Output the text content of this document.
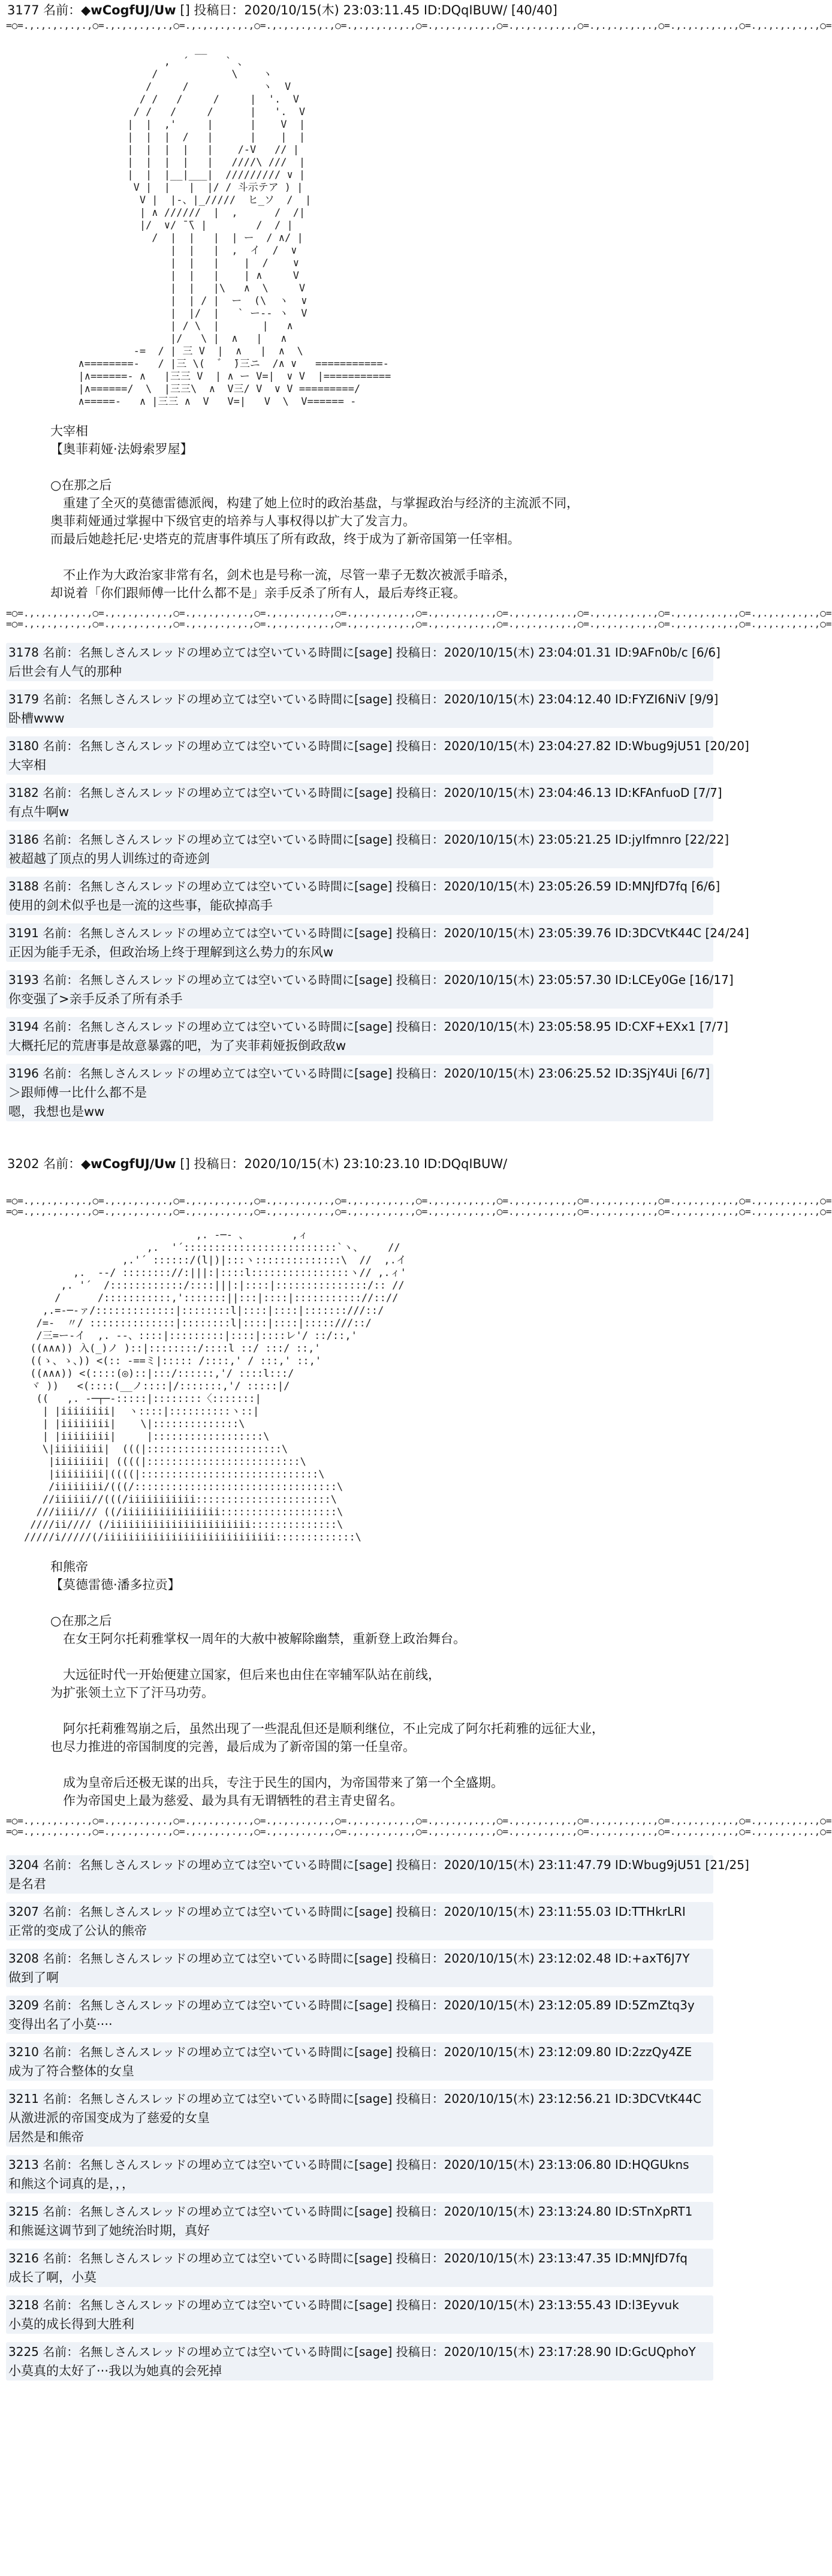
3177 名前：◆wCogfUJ/Uw [] 投稿日：2020/10/15(木) 23:03:11.45 ID:DQqIBUW/ [40/40]
=○=.,.,.,.,.,.,○=.,.,.,.,.,.,○=.,.,.,.,.,.,○=.,.,.,.,.,.,○=.,.,.,.,.,.,○=.,.,.,.,.,.,○=.,.,.,.,.,.,○=.,.,.,.,.,.,○=.,.,.,.,.,.,○=.,.,.,.,.,.,○=
__
,  ´      ` 、
/            \    ヽ
/     /            ヽ  V
/ /   /     /     |  '.  V
/ /   /     /      |   '.  V
|  |  ,'     |      |    V  |
|  |  |  /   |      |    |  |
|  |  |  |   |    /-V   // |
|  |  |  |   |   ////\ ///  |
|  |  |__|___|  ///////// ∨ |
V |  |   |  |/ / 斗示テア ) |
V |  |-、|_/////  ヒ_ソ  /  |
| ∧ //////  |  ,      /  /|
|/  ∨/ ̄ ̄\ |        /  / |
/  |  |   |  | ー  / ∧/ |
|  |   |  ,  イ  /  ∨
|  |   |    |  /    ∨
|  |   |    | ∧     V
|  |   |\   ∧  \     V
|  | / |  ー  (\  ヽ  ∨
|  |/  |   ` ー-‐ ヽ  V
| / \  |       |   ∧
|/   \ |  ∧   |   ∧
-=  / | 三 V  |  ∧   |  ∧  \
∧========-   / |三 \(  ゛ ̄)三ニ  /∧ ∨   ===========-
|∧======- ∧   |三三 V  | ∧ ー V=|  ∨ V  |===========
|∧======/  \  |三三\  ∧  V三/ V  ∨ V =========/
∧=====-   ∧ |三三 ∧  V   V=|   V  \  V====== -

大宰相

【奥菲莉娅·法姆索罗屋】

○在那之后

　重建了全灭的莫德雷德派阀，构建了她上位时的政治基盘，与掌握政治与经济的主流派不同，

奥菲莉娅通过掌握中下级官吏的培养与人事权得以扩大了发言力。

而最后她趁托尼·史塔克的荒唐事件填压了所有政敌，终于成为了新帝国第一任宰相。

　不止作为大政治家非常有名，剑术也是号称一流，尽管一辈子无数次被派手暗杀，

却说着「你们跟师傅一比什么都不是」亲手反杀了所有人，最后寿终正寝。

=○=.,.,.,.,.,.,○=.,.,.,.,.,.,○=.,.,.,.,.,.,○=.,.,.,.,.,.,○=.,.,.,.,.,.,○=.,.,.,.,.,.,○=.,.,.,.,.,.,○=.,.,.,.,.,.,○=.,.,.,.,.,.,○=.,.,.,.,.,.,○=
=○=.,.,.,.,.,.,○=.,.,.,.,.,.,○=.,.,.,.,.,.,○=.,.,.,.,.,.,○=.,.,.,.,.,.,○=.,.,.,.,.,.,○=.,.,.,.,.,.,○=.,.,.,.,.,.,○=.,.,.,.,.,.,○=.,.,.,.,.,.,○=
3178 名前：名無しさんスレッドの埋め立ては空いている時間に[sage] 投稿日：2020/10/15(木) 23:04:01.31 ID:9AFn0b/c [6/6]
后世会有人气的那种
3179 名前：名無しさんスレッドの埋め立ては空いている時間に[sage] 投稿日：2020/10/15(木) 23:04:12.40 ID:FYZI6NiV [9/9]
卧槽www
3180 名前：名無しさんスレッドの埋め立ては空いている時間に[sage] 投稿日：2020/10/15(木) 23:04:27.82 ID:Wbug9jU51 [20/20]
大宰相
3182 名前：名無しさんスレッドの埋め立ては空いている時間に[sage] 投稿日：2020/10/15(木) 23:04:46.13 ID:KFAnfuoD [7/7]
有点牛啊w
3186 名前：名無しさんスレッドの埋め立ては空いている時間に[sage] 投稿日：2020/10/15(木) 23:05:21.25 ID:jyIfmnro [22/22]
被超越了顶点的男人训练过的奇迹剑
3188 名前：名無しさんスレッドの埋め立ては空いている時間に[sage] 投稿日：2020/10/15(木) 23:05:26.59 ID:MNJfD7fq [6/6]
使用的剑术似乎也是一流的这些事，能砍掉高手
3191 名前：名無しさんスレッドの埋め立ては空いている時間に[sage] 投稿日：2020/10/15(木) 23:05:39.76 ID:3DCVtK44C [24/24]
正因为能手无杀，但政治场上终于理解到这么势力的东风w
3193 名前：名無しさんスレッドの埋め立ては空いている時間に[sage] 投稿日：2020/10/15(木) 23:05:57.30 ID:LCEy0Ge [16/17]
你变强了>亲手反杀了所有杀手
3194 名前：名無しさんスレッドの埋め立ては空いている時間に[sage] 投稿日：2020/10/15(木) 23:05:58.95 ID:CXF+EXx1 [7/7]
大概托尼的荒唐事是故意暴露的吧，为了夹菲莉娅扳倒政敌w
3196 名前：名無しさんスレッドの埋め立ては空いている時間に[sage] 投稿日：2020/10/15(木) 23:06:25.52 ID:3SjY4Ui [6/7]
＞跟师傅一比什么都不是
嗯，我想也是ww
3202 名前：◆wCogfUJ/Uw [] 投稿日：2020/10/15(木) 23:10:23.10 ID:DQqIBUW/
=○=.,.,.,.,.,.,○=.,.,.,.,.,.,○=.,.,.,.,.,.,○=.,.,.,.,.,.,○=.,.,.,.,.,.,○=.,.,.,.,.,.,○=.,.,.,.,.,.,○=.,.,.,.,.,.,○=.,.,.,.,.,.,○=.,.,.,.,.,.,○=
=○=.,.,.,.,.,.,○=.,.,.,.,.,.,○=.,.,.,.,.,.,○=.,.,.,.,.,.,○=.,.,.,.,.,.,○=.,.,.,.,.,.,○=.,.,.,.,.,.,○=.,.,.,.,.,.,○=.,.,.,.,.,.,○=.,.,.,.,.,.,○=
,. -─‐ 、       ,ィ
,.  '´:::::::::::::::::::::::::`ヽ、    //
,.'´ ::::::/(l|)|:::ヽ::::::::::::::\  //  ,.イ
,.  -‐/ :::::::://:|||:|::::l::::::::::::::::ヽ// ,.ィ'
,. '´  /::::::::::::/::::|||:|::::|:::::::::::::::/:: //
/      /:::::::::::,':::::::||:::|::::|::::::::::://:://
,.=-─‐ァ/:::::::::::::|::::::::l|::::|::::|:::::::///::/
/=-  〃/ ::::::::::::::|::::::::l|::::|::::|:::::///::/
/三=ー‐イ  ,. --、::::|:::::::::|::::|::::レ'/ ::/::,'
((∧∧∧)) 入(_)ノ )::|::::::::/::::l ::/ :::/ ::,'
((ゝ、ゝ、)) <(:: -==ミ|::::: /::::,' / :::,' ::,'
((∧∧∧)) <(::::(◎)::|:::/::::::,'/ ::::l:::/
ヾ ))   <(::::(__ノ::::|/:::::::,'/ :::::|/
((   ,. -─┬─-:::::|::::::::〈:::::::|
| |iiiiiiii|  ヽ::::|::::::::::ヽ::|
| |iiiiiiii|    \|::::::::::::::\
| |iiiiiiii|     |::::::::::::::::::\
\|iiiiiiii|  (((|::::::::::::::::::::::\
|iiiiiiii| ((((|:::::::::::::::::::::::::\
|iiiiiiii|((((|:::::::::::::::::::::::::::::\
/iiiiiiii/(((/:::::::::::::::::::::::::::::::::\
//iiiiii//(((/iiiiiiiiiii::::::::::::::::::::::\
///iiii/// ((/iiiiiiiiiiiiiiii:::::::::::::::::::\
////ii//// (/iiiiiiiiiiiiiiiiiiiiiii::::::::::::::\
/////i/////(/iiiiiiiiiiiiiiiiiiiiiiiiiiii:::::::::::::\

和熊帝

【莫德雷德·潘多拉贡】

○在那之后

　在女王阿尔托莉雅掌权一周年的大赦中被解除幽禁，重新登上政治舞台。

　大远征时代一开始便建立国家，但后来也由住在宰辅军队站在前线，

为扩张领土立下了汗马功劳。

　阿尔托莉雅驾崩之后，虽然出现了一些混乱但还是顺利继位，不止完成了阿尔托莉雅的远征大业，

也尽力推进的帝国制度的完善，最后成为了新帝国的第一任皇帝。

　成为皇帝后还极无谋的出兵，专注于民生的国内，为帝国带来了第一个全盛期。

　作为帝国史上最为慈爱、最为具有无谓牺牲的君主青史留名。

=○=.,.,.,.,.,.,○=.,.,.,.,.,.,○=.,.,.,.,.,.,○=.,.,.,.,.,.,○=.,.,.,.,.,.,○=.,.,.,.,.,.,○=.,.,.,.,.,.,○=.,.,.,.,.,.,○=.,.,.,.,.,.,○=.,.,.,.,.,.,○=
=○=.,.,.,.,.,.,○=.,.,.,.,.,.,○=.,.,.,.,.,.,○=.,.,.,.,.,.,○=.,.,.,.,.,.,○=.,.,.,.,.,.,○=.,.,.,.,.,.,○=.,.,.,.,.,.,○=.,.,.,.,.,.,○=.,.,.,.,.,.,○=
3204 名前：名無しさんスレッドの埋め立ては空いている時間に[sage] 投稿日：2020/10/15(木) 23:11:47.79 ID:Wbug9jU51 [21/25]
是名君
3207 名前：名無しさんスレッドの埋め立ては空いている時間に[sage] 投稿日：2020/10/15(木) 23:11:55.03 ID:TTHkrLRI
正常的变成了公认的熊帝
3208 名前：名無しさんスレッドの埋め立ては空いている時間に[sage] 投稿日：2020/10/15(木) 23:12:02.48 ID:+axT6J7Y
做到了啊
3209 名前：名無しさんスレッドの埋め立ては空いている時間に[sage] 投稿日：2020/10/15(木) 23:12:05.89 ID:5ZmZtq3y
变得出名了小莫····
3210 名前：名無しさんスレッドの埋め立ては空いている時間に[sage] 投稿日：2020/10/15(木) 23:12:09.80 ID:2zzQy4ZE
成为了符合整体的女皇
3211 名前：名無しさんスレッドの埋め立ては空いている時間に[sage] 投稿日：2020/10/15(木) 23:12:56.21 ID:3DCVtK44C
从激进派的帝国变成为了慈爱的女皇
居然是和熊帝
3213 名前：名無しさんスレッドの埋め立ては空いている時間に[sage] 投稿日：2020/10/15(木) 23:13:06.80 ID:HQGUkns
和熊这个词真的是，，，
3215 名前：名無しさんスレッドの埋め立ては空いている時間に[sage] 投稿日：2020/10/15(木) 23:13:24.80 ID:STnXpRT1
和熊诞这调节到了她统治时期，真好
3216 名前：名無しさんスレッドの埋め立ては空いている時間に[sage] 投稿日：2020/10/15(木) 23:13:47.35 ID:MNJfD7fq
成长了啊，小莫
3218 名前：名無しさんスレッドの埋め立ては空いている時間に[sage] 投稿日：2020/10/15(木) 23:13:55.43 ID:l3Eyvuk
小莫的成长得到大胜利
3225 名前：名無しさんスレッドの埋め立ては空いている時間に[sage] 投稿日：2020/10/15(木) 23:17:28.90 ID:GcUQphoY
小莫真的太好了···我以为她真的会死掉
